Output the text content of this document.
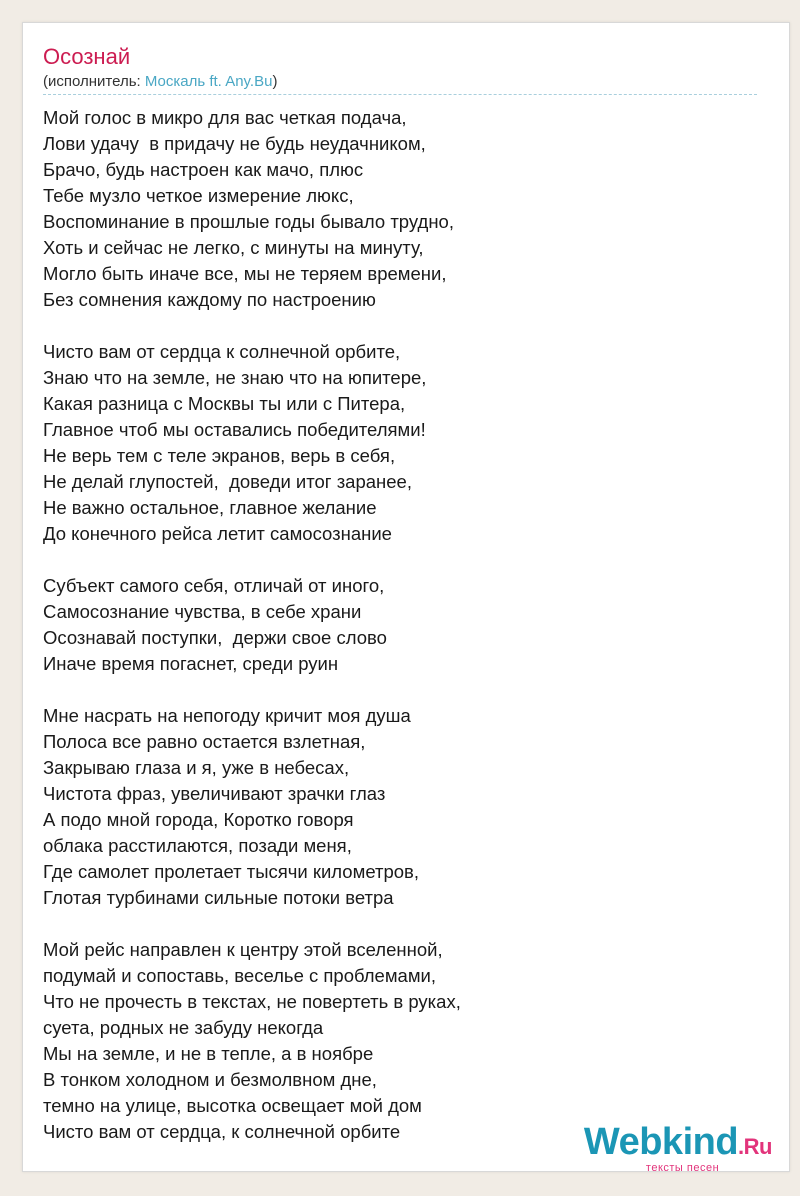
Осознай
(исполнитель: Москаль ft. Any.Bu)
Мой голос в микро для вас четкая подача,
Лови удачу  в придачу не будь неудачником,
Брачо, будь настроен как мачо, плюс
Тебе музло четкое измерение люкс,
Воспоминание в прошлые годы бывало трудно,
Хоть и сейчас не легко, с минуты на минуту,
Могло быть иначе все, мы не теряем времени,
Без сомнения каждому по настроению
Чисто вам от сердца к солнечной орбите,
Знаю что на земле, не знаю что на юпитере,
Какая разница с Москвы ты или с Питера,
Главное чтоб мы оставались победителями!
Не верь тем с теле экранов, верь в себя,
Не делай глупостей,  доведи итог заранее,
Не важно остальное, главное желание
До конечного рейса летит самосознание
Субъект самого себя, отличай от иного,
Самосознание чувства, в себе храни
Осознавай поступки,  держи свое слово
Иначе время погаснет, среди руин
Мне насрать на непогоду кричит моя душа
Полоса все равно остается взлетная,
Закрываю глаза и я, уже в небесах,
Чистота фраз, увеличивают зрачки глаз
А подо мной города, Коротко говоря
облака расстилаются, позади меня,
Где самолет пролетает тысячи километров,
Глотая турбинами сильные потоки ветра
Мой рейс направлен к центру этой вселенной,
подумай и сопоставь, веселье с проблемами,
Что не прочесть в текстах, не повертеть в руках,
суета, родных не забуду некогда
Мы на земле, и не в тепле, а в ноябре
В тонком холодном и безмолвном дне,
темно на улице, высотка освещает мой дом
Чисто вам от сердца, к солнечной орбите	Webkind.Ru
тексты песен
